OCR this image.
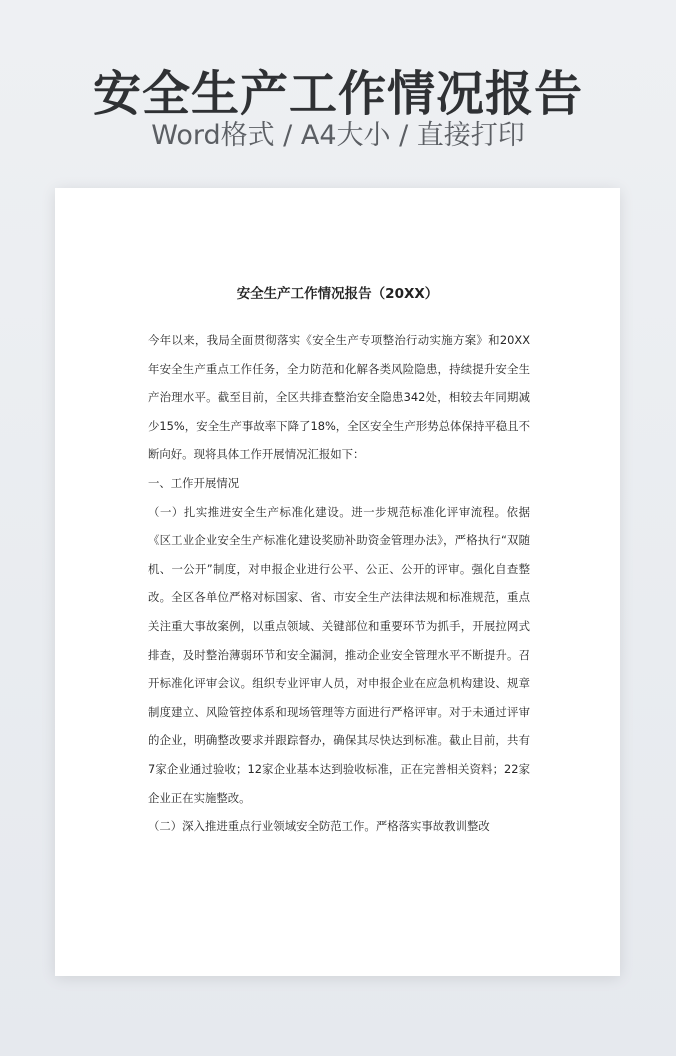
安全生产工作情况报告
Word格式 / A4大小 / 直接打印
安全生产工作情况报告（20XX）

今年以来，我局全面贯彻落实《安全生产专项整治行动实施方案》和20XX年安全生产重点工作任务，全力防范和化解各类风险隐患，持续提升安全生产治理水平。截至目前，全区共排查整治安全隐患342处，相较去年同期减少15%，安全生产事故率下降了18%，全区安全生产形势总体保持平稳且不断向好。现将具体工作开展情况汇报如下：

一、工作开展情况

（一）扎实推进安全生产标准化建设。进一步规范标准化评审流程。依据《区工业企业安全生产标准化建设奖励补助资金管理办法》，严格执行“双随机、一公开”制度，对申报企业进行公平、公正、公开的评审。强化自查整改。全区各单位严格对标国家、省、市安全生产法律法规和标准规范，重点关注重大事故案例，以重点领域、关键部位和重要环节为抓手，开展拉网式排查，及时整治薄弱环节和安全漏洞，推动企业安全管理水平不断提升。召开标准化评审会议。组织专业评审人员，对申报企业在应急机构建设、规章制度建立、风险管控体系和现场管理等方面进行严格评审。对于未通过评审的企业，明确整改要求并跟踪督办，确保其尽快达到标准。截止目前，共有7家企业通过验收；12家企业基本达到验收标准，正在完善相关资料；22家企业正在实施整改。

（二）深入推进重点行业领域安全防范工作。严格落实事故教训整改
